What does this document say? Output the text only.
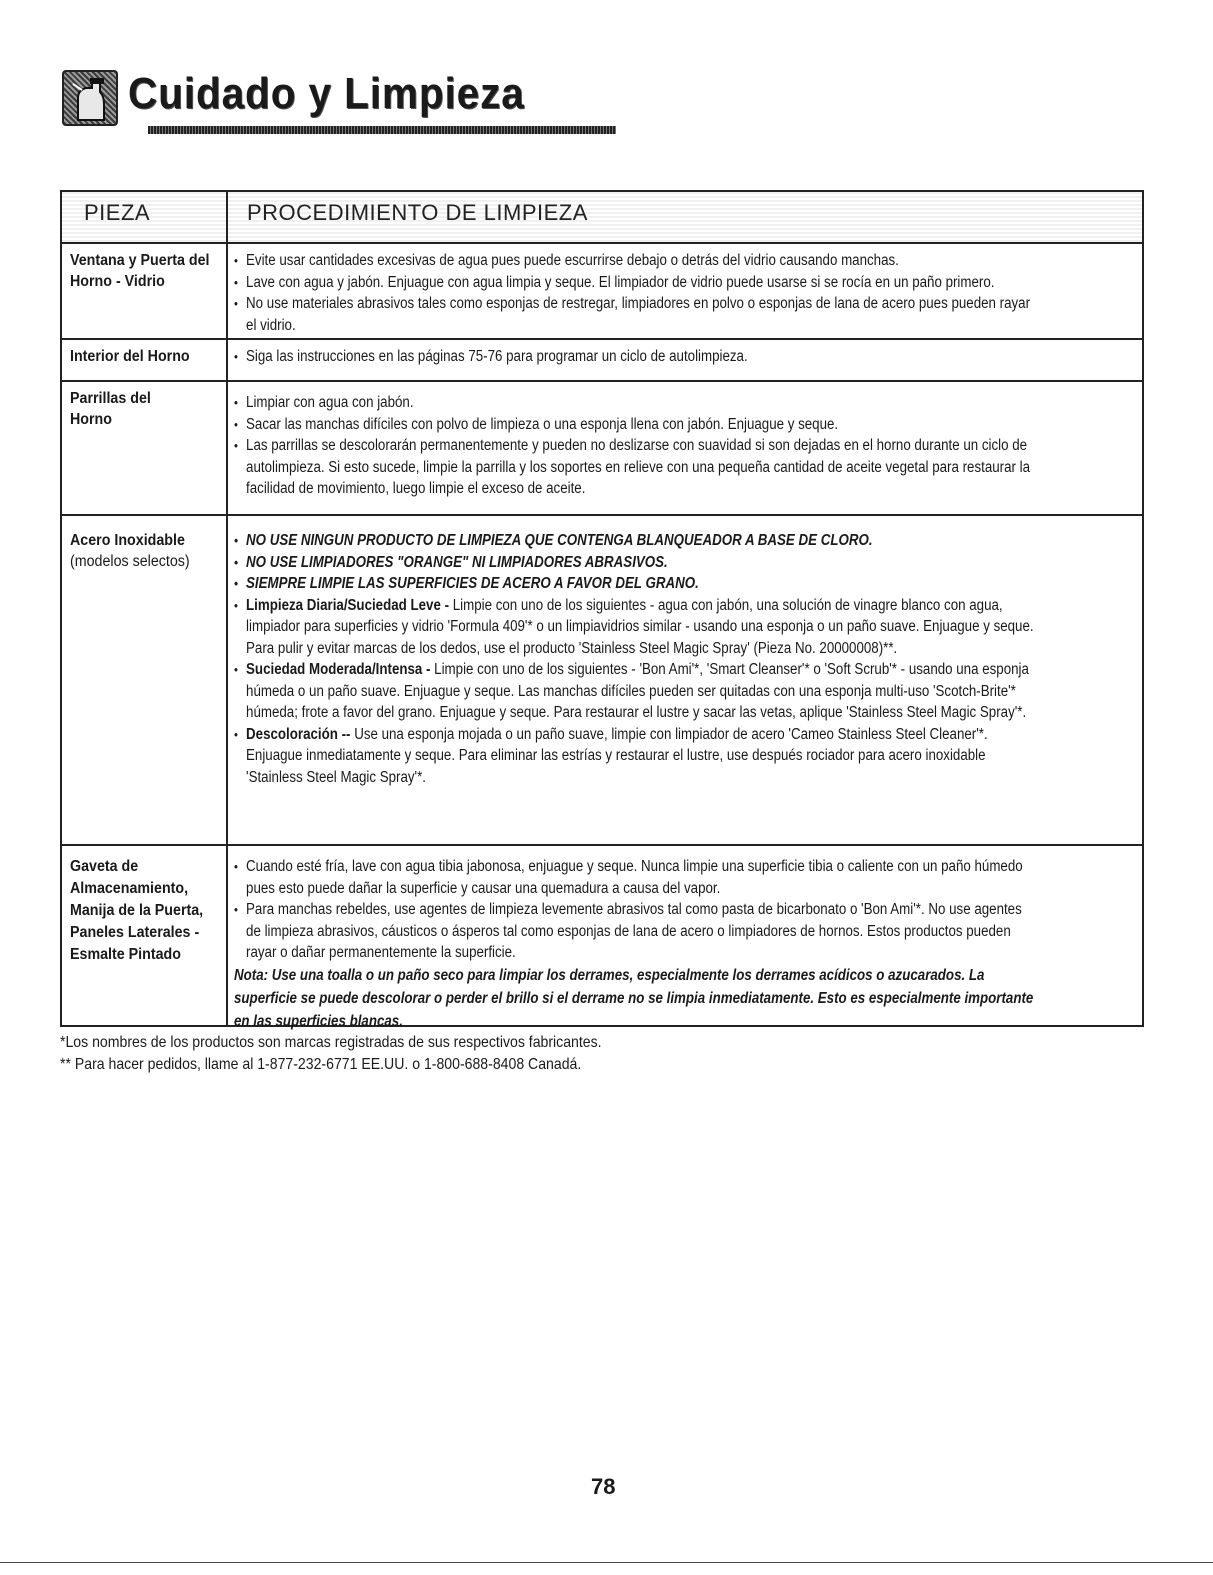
Cuidado y Limpieza
PIEZA	PROCEDIMIENTO DE LIMPIEZA
Ventana y Puerta del Horno - Vidrio
• Evite usar cantidades excesivas de agua pues puede escurrirse debajo o detrás del vidrio causando manchas.
• Lave con agua y jabón. Enjuague con agua limpia y seque. El limpiador de vidrio puede usarse si se rocía en un paño primero.
• No use materiales abrasivos tales como esponjas de restregar, limpiadores en polvo o esponjas de lana de acero pues pueden rayar el vidrio.
Interior del Horno
•	Siga las instrucciones en las páginas 75-76 para programar un ciclo de autolimpieza.
Parrillas del Horno
• Limpiar con agua con jabón.
• Sacar las manchas difíciles con polvo de limpieza o una esponja llena con jabón. Enjuague y seque.
• Las parrillas se descolorarán permanentemente y pueden no deslizarse con suavidad si son dejadas en el horno durante un ciclo de autolimpieza. Si esto sucede, limpie la parrilla y los soportes en relieve con una pequeña cantidad de aceite vegetal para restaurar la facilidad de movimiento, luego limpie el exceso de aceite.
Acero Inoxidable
(modelos selectos)
• NO USE NINGUN PRODUCTO DE LIMPIEZA QUE CONTENGA BLANQUEADOR A BASE DE CLORO.
• NO USE LIMPIADORES "ORANGE" NI LIMPIADORES ABRASIVOS.
• SIEMPRE LIMPIE LAS SUPERFICIES DE ACERO A FAVOR DEL GRANO.
• Limpieza Diaria/Suciedad Leve - Limpie con uno de los siguientes - agua con jabón, una solución de vinagre blanco con agua, limpiador para superficies y vidrio 'Formula 409'* o un limpiavidrios similar - usando una esponja o un paño suave. Enjuague y seque. Para pulir y evitar marcas de los dedos, use el producto 'Stainless Steel Magic Spray' (Pieza No. 20000008)**.
• Suciedad Moderada/Intensa - Limpie con uno de los siguientes - 'Bon Ami'*, 'Smart Cleanser'* o 'Soft Scrub'* - usando una esponja húmeda o un paño suave. Enjuague y seque. Las manchas difíciles pueden ser quitadas con una esponja multi-uso 'Scotch-Brite'* húmeda; frote a favor del grano. Enjuague y seque. Para restaurar el lustre y sacar las vetas, aplique 'Stainless Steel Magic Spray'*.
• Descoloración -- Use una esponja mojada o un paño suave, limpie con limpiador de acero 'Cameo Stainless Steel Cleaner'*. Enjuague inmediatamente y seque. Para eliminar las estrías y restaurar el lustre, use después rociador para acero inoxidable 'Stainless Steel Magic Spray'*.
Gaveta de Almacenamiento, Manija de la Puerta, Paneles Laterales - Esmalte Pintado
• Cuando esté fría, lave con agua tibia jabonosa, enjuague y seque. Nunca limpie una superficie tibia o caliente con un paño húmedo pues esto puede dañar la superficie y causar una quemadura a causa del vapor.
• Para manchas rebeldes, use agentes de limpieza levemente abrasivos tal como pasta de bicarbonato o 'Bon Ami'*. No use agentes de limpieza abrasivos, cáusticos o ásperos tal como esponjas de lana de acero o limpiadores de hornos. Estos productos pueden rayar o dañar permanentemente la superficie.
Nota: Use una toalla o un paño seco para limpiar los derrames, especialmente los derrames acídicos o azucarados. La superficie se puede descolorar o perder el brillo si el derrame no se limpia inmediatamente. Esto es especialmente importante en las superficies blancas.
*Los nombres de los productos son marcas registradas de sus respectivos fabricantes.
** Para hacer pedidos, llame al 1-877-232-6771 EE.UU. o 1-800-688-8408 Canadá.
78
